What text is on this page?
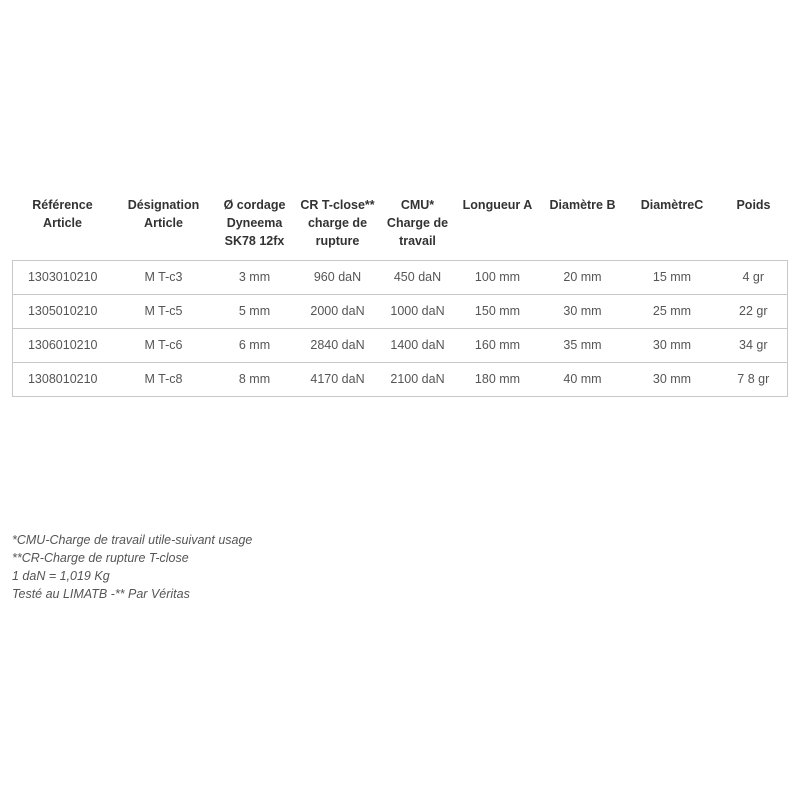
Référence Article	Désignation Article	Ø cordage Dyneema SK78 12fx	CR T-close** charge de rupture	CMU* Charge de travail	Longueur A	Diamètre B	DiamètreC	Poids
1303010210	M T-c3	3 mm	960 daN	450 daN	100 mm	20 mm	15 mm	4 gr
1305010210	M T-c5	5 mm	2000 daN	1000 daN	150 mm	30 mm	25 mm	22 gr
1306010210	M T-c6	6 mm	2840 daN	1400 daN	160 mm	35 mm	30 mm	34 gr
1308010210	M T-c8	8 mm	4170 daN	2100 daN	180 mm	40 mm	30 mm	7 8 gr
*CMU-Charge de travail utile-suivant usage
**CR-Charge de rupture T-close
1 daN = 1,019 Kg
Testé au LIMATB -** Par Véritas
